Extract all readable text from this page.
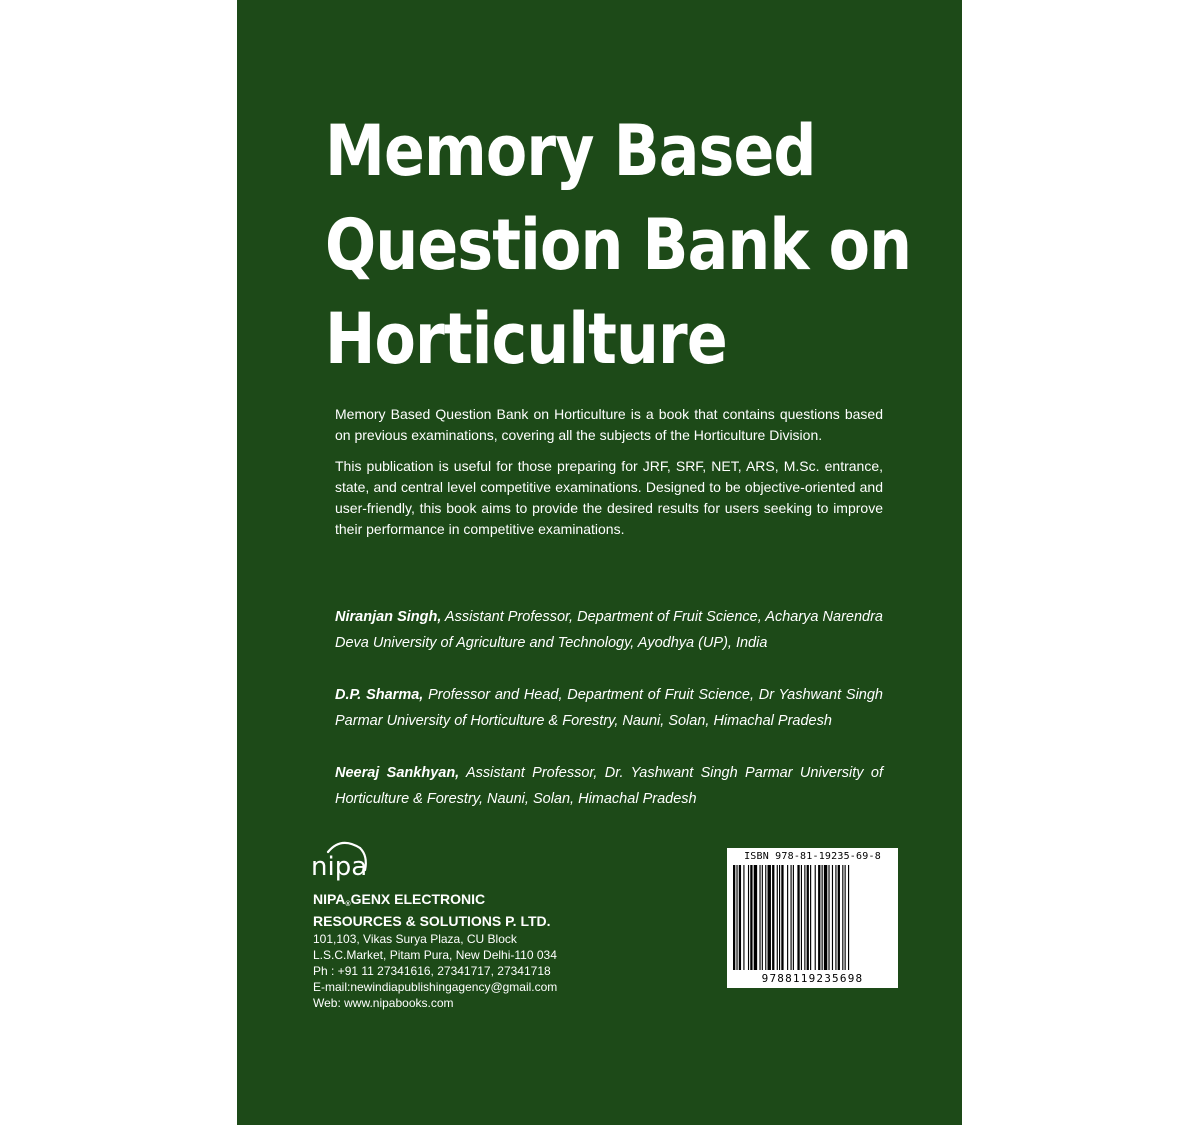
Memory Based
Question Bank on
Horticulture

Memory Based Question Bank on Horticulture is a book that contains questions based on previous examinations, covering all the subjects of the Horticulture Division.

This publication is useful for those preparing for JRF, SRF, NET, ARS, M.Sc. entrance, state, and central level competitive examinations. Designed to be objective-oriented and user-friendly, this book aims to provide the desired results for users seeking to improve their performance in competitive examinations.

Niranjan Singh, Assistant Professor, Department of Fruit Science, Acharya Narendra Deva University of Agriculture and Technology, Ayodhya (UP), India

D.P. Sharma, Professor and Head, Department of Fruit Science, Dr Yashwant Singh Parmar University of Horticulture & Forestry, Nauni, Solan, Himachal Pradesh

Neeraj Sankhyan, Assistant Professor, Dr. Yashwant Singh Parmar University of Horticulture & Forestry, Nauni, Solan, Himachal Pradesh

nipa
NIPA®GENX ELECTRONIC
RESOURCES & SOLUTIONS P. LTD.
101,103, Vikas Surya Plaza, CU Block
L.S.C.Market, Pitam Pura, New Delhi-110 034
Ph : +91 11 27341616, 27341717, 27341718
E-mail:newindiapublishingagency@gmail.com
Web: www.nipabooks.com
ISBN 978-81-19235-69-8
9788119235698
